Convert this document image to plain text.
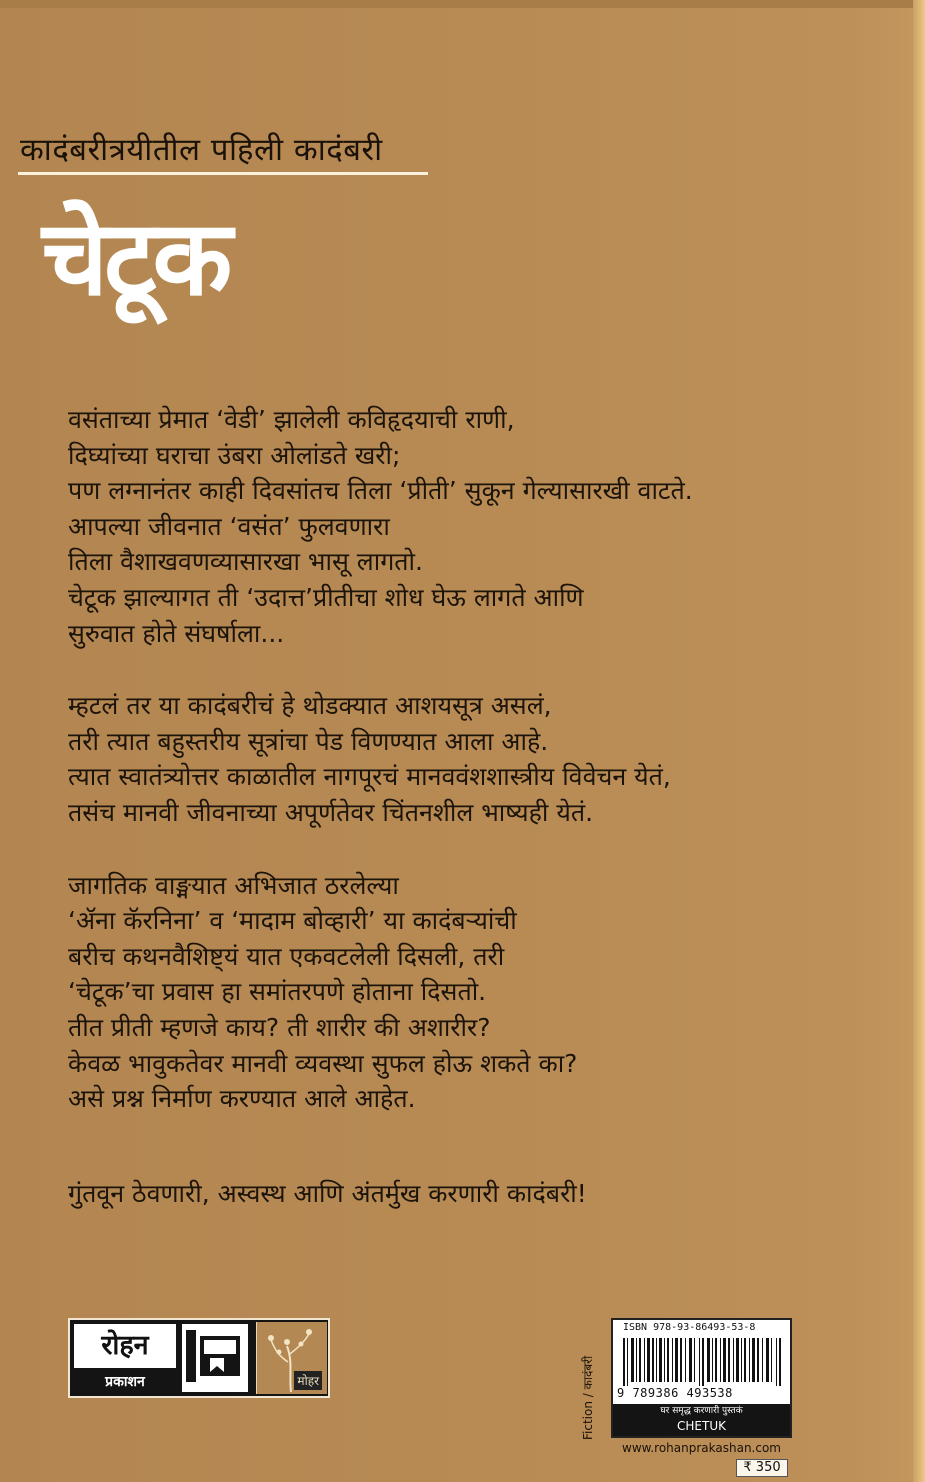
कादंबरीत्रयीतील पहिली कादंबरी
चेटूक
वसंताच्या प्रेमात ‘वेडी’ झालेली कविहृदयाची राणी,
दिघ्यांच्या घराचा उंबरा ओलांडते खरी;
पण लग्नानंतर काही दिवसांतच तिला ‘प्रीती’ सुकून गेल्यासारखी वाटते.
आपल्या जीवनात ‘वसंत’ फुलवणारा
तिला वैशाखवणव्यासारखा भासू लागतो.
चेटूक झाल्यागत ती ‘उदात्त’प्रीतीचा शोध घेऊ लागते आणि
सुरुवात होते संघर्षाला...
म्हटलं तर या कादंबरीचं हे थोडक्यात आशयसूत्र असलं,
तरी त्यात बहुस्तरीय सूत्रांचा पेड विणण्यात आला आहे.
त्यात स्वातंत्र्योत्तर काळातील नागपूरचं मानववंशशास्त्रीय विवेचन येतं,
तसंच मानवी जीवनाच्या अपूर्णतेवर चिंतनशील भाष्यही येतं.
जागतिक वाङ्मयात अभिजात ठरलेल्या
‘ॲना कॅरनिना’ व ‘मादाम बोव्हारी’ या कादंबऱ्यांची
बरीच कथनवैशिष्ट्यं यात एकवटलेली दिसली, तरी
‘चेटूक’चा प्रवास हा समांतरपणे होताना दिसतो.
तीत प्रीती म्हणजे काय? ती शारीर की अशारीर?
केवळ भावुकतेवर मानवी व्यवस्था सुफल होऊ शकते का?
असे प्रश्न निर्माण करण्यात आले आहेत.
गुंतवून ठेवणारी, अस्वस्थ आणि अंतर्मुख करणारी कादंबरी!
रोहन
प्रकाशन	रोहन	मोहर	Fiction / कादंबरी
ISBN 978-93-86493-53-8
9 789386 493538
घर समृद्ध करणारी पुस्तकं
CHETUK
www.rohanprakashan.com
₹ 350
